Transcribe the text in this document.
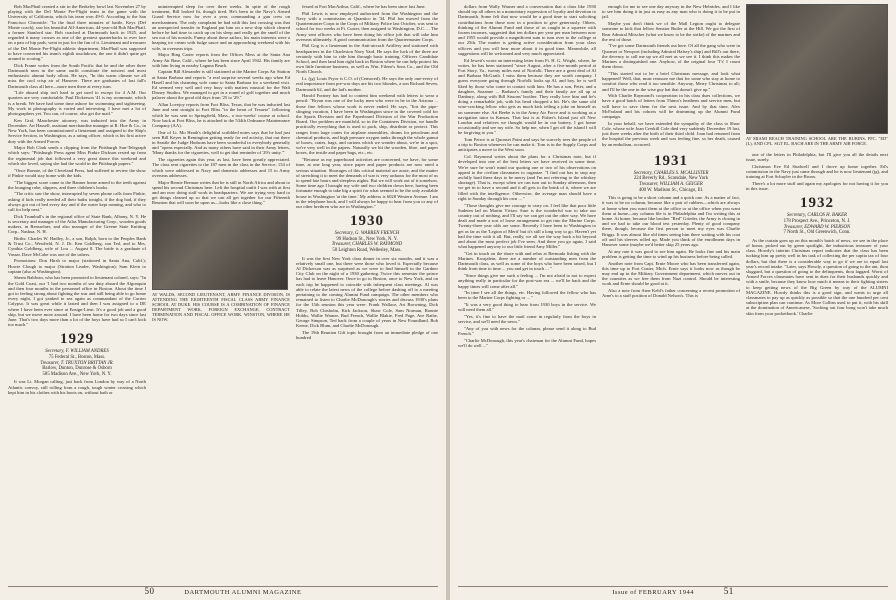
Bob MacPhail created a stir in the Berkeley bowl last November 27 by playing with the Del Monte Pre-Flight team in the game with the University of California, which his team won 49-0. According to the San Francisco Chronicle: "In the final three minutes of battle, Keys (Del Monte coach), saw his beautiful All-American, 44-year-old Bob MacPhail, a former Stanford star. Bob coached at Dartmouth back in 1925, and regarded it many crosses as one of the greatest quarterbacks to ever lace on a pair of hip pads, went in just for the fun of it. Lieutenant and treasurer of the Del Monte Pre-Flight athletic department, MacPhail was supposed to have converted his team's eighth touchdown, the one it didn't quite get around to scoring."

Dick Frame writes from the South Pacific that he and the other three Dartmouth men in the same outfit constitute the noisiest and most enthusiastic alumni body afloat. He says, "In this warm climate we all miss the cool crisp air of Hanover. There are graduates of last fall's Dartmouth class all here—more men there at every turn.

"Life aboard ship isn't hard to get used to except for 4 A.M. Our quarters are very comfortable. Paul Dickerson '41 is my roommate, which is a break. We have had some time ashore for swimming and sightseeing. My work in photography is varied and interesting. I have met a lot of photographers yet. You can, of course, also get the mail."

Ken Graf, Manchester attorney, was inducted into the Army in December. Art Hassell, assistant merchandise manager at R. Hoe & Co., in New York, has been commissioned a lieutenant and assigned to the Ship's Service Section, in Washington, as a rating officer, which is his first active duty with the Armed Forces.

Major Bob Clark sends a clipping from the Pittsburgh Sun-Telegraph which says: "Pittsburgh Press agent Miss Pinkie Dickson rested up from the regimental job that followed a very great dance this weekend and which she loved, saying she had the world in the Pittsburgh papers."

"Once Ronnie, of the Cleveland Press, had suffered to review the show if Pinkie would stay home with the kids.

"The biggest scare came to the Banner home armed to the teeth against the lounging robe, slippers, and three children's books.

"The critic saw the show, interrupted by seven phone calls from Pinkie, asking if kids really needed all their baths tonight, if the dog had, if they always got out of bed every day and if the water kept running, and who to call for help next."

Dick Trumbull's in the regional office of State Bank, Albany, N. Y. He is secretary and manager of the Atlas Manufacturing Corp., wooden goods makers, in Rensselaer, and also manager of the Greene State Knitting Corp., Nashua, N. H.

Births: Charles W. Hadley, Jr., a son, Ralph, born to the Peoples Bank & Trust Co., Westfield, N. J. Dr. Ken Goldberg, son Ted, and to Mrs. Cynthia Goldberg, wife of Lou ... August 8. The bride is a graduate of Vassar. Dave McCabe was one of the ushers.

Promotions: Don Hirsh to major (stationed in Santa Ana, Calif.); Howie Clough to major (Stratton Leader, Washington); Sam Klein to captain (also at Washington).

Sherm Baldwin, who has been promoted to lieutenant colonel, says: "In the Gold Coast, our '1 had two months of sea duty aboard the Algonquin and then four months in the personnel office in Boston. About the time I got to feeling strong about fighting the war and still being able to go home every night, I got yanked to sea again as commandant of the Carrier Calypso. It was great while it lasted and then I was assigned to a DE where I have been ever since at Ensign-Lieut. It's a good job and a good ship, but we move more around. I have been home for two days since last June. That's two days more than a lot of the boys have had so I can't kick too much."

1929
Secretary, F. WILLIAM ANDRES
75 Federal St., Boston, Mass.
Treasurer, T. TRUXTON BRITTAN JR.
Barlow, Dunton, Dunrose & Osborn
585 Madison Ave., New York, N. Y.

It was Lt. Morgan calling, just back from London by way of a North Atlantic convoy, still rolling from a rough, tough winter crossing which kept him in his clothes with his boots on, without bath or

uninterrupted sleep for over three weeks. In spite of the rough treatment, Bill looked fit, though tired. He's been in the Navy's Armed Guard Service now for over a year, commanding a gun crew on merchantmen. The only complaint he had with this last crossing was that an unexpected transfer in England put him on a new ship which cleared before he had time to catch up on his sleep and really get the smell of the sea out of his nostrils. Funny about these sailors, his main interests were a heaping ice cream with fudge sauce and an approaching weekend with his wife, in overseas trips.

Major Bing Carter reports from the Offices Mess at the Santa Ana Army Air Base, Calif., where he has been since April 1942. His family are with him living in nearby Laguna Beach.

Captain Bill Alexander is still stationed at the Marine Corps Air Station at Santa Barbara and reports "a real surprise several weeks ago when Ed Hasell and his charming wife came to Santa Barbara for a weekend visit. Ed seemed very well and very busy with matters musical for the Walt Disney Studios. We managed to get in a round of golf together and much palaver about the good old days from '25 to '29."

Allan Lovejoy reports from Fort Bliss, Texas, that he was inducted last June and sent straight to Fort Bliss "in the heart of Texarse" following which he was sent to Springfield, Mass., a two-weeks' course at school. Now back at Fort Bliss, he is attached to the 534th Ordnance Maintenance Company (AA).

One of Lt. Mo Heath's delightful scribbled notes says that he had just seen Bill Keyes in Remington getting ready for red activity, that out there in Seattle the Judge Hodsons have been wonderful to everybody generally and "opens especially. And as many others have said in their Army letters, 'Many thanks for the cigarettes, well to get that reminder of '29's unity.'"

The cigarettes again this year, as last, have been greatly appreciated. The class sent cigarettes to the 187 men in the class in the Service, 154 of which were addressed to Navy and domestic addresses and 15 to Army overseas addresses.

Major Bernie Berman writes that he is still in North Africa and about to spend his second Christmas here. Left the hospital outfit I was with at first and am now doing staff work in headquarters. We are trying very hard to get things cleaned up so that we can all get together for our Fifteenth Reunion that will soon be upon us—looks like a close thing."

AT WALDS, SECOND LIEUTENANT, ARMY FINANCE DIVISION, IS ATTENDING THE EIGHTEENTH FISCAL CLASS ARMY FINANCE SCHOOL AT DUKE. HIS COURSE IS A COMBINATION OF FINANCE DEPARTMENT WORK, FOREIGN EXCHANGE, CONTRACT TERMINATION AND FISCAL OFFICE WORK. WINSTON, WHERE HE IS NOW.

fessed at Fort MacArthur, Calif., where he has been since last June.

Phil Lewis is now employed authorized from the Washington and the Navy with a commission at Quantico in '34. Phil has moved from the Quartermaster Corps to the Corps of Military Police last October, was sent to school for two weeks at Ft. Custer, then assigned to Washington, D.C. ... The Army sent officers who have been doing his office job that will take him overseas ultimately. A good communication from the Quartermaster Corps.

Phil Gog is a lieutenant in the Anti-aircraft Artillery and stationed with headquarters in the Charleston Navy Yard. He says the luck of the three are certainly with him to ride him through basic training, Officers Candidate School, and then land him right back in Boston where he can help protect his own little furniture business, as well as Wm. Filene's Sons Co., and the Old North Church.

Lt. (jg) Louis Pryor is C.O. of (Censored). He says the only one-every of real importance from pre-war days are his two blondes, a son Richard Seven, Dartmouth 62, and the lad's mother.

Harold Fortney has had to content him weekend with letters to wear a pencil: "Bryan was one of the lucky men who were in he in the Arizona ... those fine fellows whose work is never ended. He says, 'Tort the pipe-slinging vacation, I have been in Washington since in the covered cold for the Sports Division and the Paperboard Division of the War Production Board. Our problem are manifold, so in the Containers Division, we handle practically everything that is used to pack, ship, distribute or protect. This ranges from large crates for airplane assemblies, drums for petroleum and chemical products, and high pressure oxygen tanks through the whole gamut of boxes, crates, bags, and cartons which we wonder about, we're in a spot, we're very well in the papers. Naturally we hit the wooden, fibre, and paper boxes, the textile and paper bags, etc., etc.

"Because as my paperboard activities are concerned, we have, for some time, at one long year, since paper and paper products are now rated a serious situation. Shortages of this critical material are acute, and the matter of stretching it to meet the demands of war is very arduous for the most of us to spend late hours and sleepless nights. But we will work out of it somehow. Some time ago I brought my wife and two children down here, having been fortunate enough to take big a spirit for what seemed to be the only available house in Washington 'at the time.' My address is 6028 Western Avenue. I am in the telephone book, and I will always be happy to hear from you or any of our other brethren who are in Washington."

1930
Secretary, G. WARREN FRENCH
99 Hudson St., New York, N. Y.
Treasurer, CHARLES W. RAYMOND
50 Leighton Road, Wellesley, Mass.

It was the first New York class dinner in over six months, and it was a relatively small one, but there were those who loved it. Especially because Al Dickerson was as surprised as we were to find himself in the Gardner City Club on the night of a 1930 gathering. Twice this semester the prince has had to leave Hanover. Once to go to Boston, once to New York, and on each trip he happened to coincide with infrequent class meetings. Al was able to relate the latest news of the college before dashing off to a meeting pertaining to the coming Alumni Fund campaign. The other members who remained to listen to Charlie McDonough's stories and discuss 1930's plans for the 15th reunion this year were: Frank Wallace, Art Browning, Dick Tilley, Bob Chisholm, Kirk Jackson, Shaw Cole, Sam Norman, Ronnie Hobbs, Wallie Warner, Bud French, Wallie Blakie, Fred Page, Ave Rathe, George Simpson, Ted back from a couple of years in New Foundland, Bob Keene, Dick Blum, and Charlie McDonough.

The 19th Reunion Gift topic brought from an immediate pledge of one hundred

50	DARTMOUTH ALUMNI MAGAZINE

dollars from Wally Wasner and a conversation that a class like 1930 should top all others in a momentary expression of loyalty and devotion to Dartmouth. Some felt that now would be a good time to start soliciting contributions from those now in a position to give generously. Others, thinking of the Alumni Fund and those of us caught in a squeeze with frozen incomes, suggested that ten dollars per year per man between now and 1955 would provide a magnificent sum to turn over to the college at our 25th. The matter is getting active consideration from your class officers and you will hear more about it in good time. Meanwhile, all suggestions will be welcomed and very much appreciated.

Ed Jewett's wrote an interesting letter from Ft. H. G. Wright, where, he writes, he has been stationed "since August, after a five-month period at Fort Story, Va., twenty miles east of Norfolk. There are a great deal of Al and Barbara McGrath. I miss them because they are worth company. I guess everyone going through Norfolk looks up Al, and boy, he is well liked by those who come in contact with him. He has a son, Peter, and a daughter, Suzanne ... Barbara's family and their family are all up at Danbury, along with Bill Sissons' brother. They really love him and he's doing a remarkable job, with his head chopped a bit. He's the same old wise-cracking fellow who gets as much kick telling a joke on himself as on someone else. Art Beebe is in the Army Air Force and is working as a navigation tutor in Kansas. That last is at Fisher's Island just off New London and relatives we thought would be in our battery. I got home occasionally and see my wife. So help me, when I get off the island I will be forgiving to you."

Tom Peirce is at Quonset Point and says he scarcely sees the people of a trip to Boston whenever he can make it. Tom is in the Supply Corps and anticipates a move to the West soon.

Col. Raymond writes about the plans for a Christmas note, but if developed into one of the best letters we have received in some time. We're sure he won't mind our quoting one or two of his observations on appeal to the civilian classmates to organize. "I find out has to stop any awfully hard these days to be merry (and I'm not referring to the whiskey shortage). That is, except when we can turn out to Sunday afternoon, then we get in to have a second and it all gets to the brink of it, where we are filled with the intelligence. Otherwise, the average man should have a right to Sunday through his own ... "

"Those thoughts give me courage to carry on. I feel like that poor little Sudeten lad on Martin Vivian. Sure is the wonderful war to take our country out of nothing, and I'll say we can get out the other way. We have dealt and made a sort of loose arrangement to get into the Marine Corps. Twenty-three year olds are some. Recently I have been to Washington to get as far as the 'Legion of Merit' but it's still a long way to go. Haven't yet had the time with it all. But, really, we all see the way back a bit beyond and about the most perfect job I've seen. And there you go again, I said what happened anyway to our little friend Amy Miller."

"Get in touch on the shore with and relax at Bermuda fishing with the Marines. Kwajalein, there are a number of outstanding men from the Dartmouth class, as well as some of the boys who have been raised, but I think from time to time ... you and get in touch ... "

"Since things give me such a feeling ... I'm not afraid to not to expect anything really in particular for the post-war era ... we'll be back and the happy times will come after all."

"In time I see all the things, etc. Having followed the fellow who has been to the Marine Corps fighting or ... "

"It was a very good thing to hear from 1930 boys in the service. We will need them all."

"Yes, it's fine to have the mail come in regularly from the boys in service, and we'll need the news."

"Any of you with news for the column, please send it along to Bud French."

"Charlie McDonough, this year's chairman for the Alumni Fund, hopes we'll do well ..."

enough for me to see one day anyway in the New Hebrides, and I like to see him doing it in just as easy as any man who is doing it to be put in jail.

Maybe you don't think we of the Mall Legion ought to delegate someone to kick that fellow Senator Butler at the Hill. We got the first of Rear Admiral Mitscher (what we know to be the strike) of the marines and the rest of those.

"I've got some Dartmouth friends out here. Of all the gang who were in Quonset or Newport (including Admiral Halsey's ship) and Bill's out there, the decency to call me up we all met as we see it. I think this makes the Marines a distinguished one. Anyhow, of the original four 'T's' I count them down.

"This started out to be a brief Christmas message, and look what happened! Well, that, must reassure me that for some who stay at home to comfort those who read it too sensible. Anyway, Merry Christmas to all; and I'll be the one in the wise guy hat that doesn't give up."

With Charlie Raymond's cooperation in his class dues collections, we have a good batch of letters from Thimo's heathens and service men, but will have to save them for the next issue. And by that time, Alex McFarland and his cohorts will be drumming up the Alumni Fund campaign.

In your behalf, we have extended the sympathy of the class to Shaw Cole, whose wife Joan Creskill Cole died very suddenly December 19 last, just three weeks after the birth of their third child. Joan had returned from the hospital the previous week and was feeling fine, so her death, caused by an embolism, occurred.

1931
Secretary, CHARLES S. MCALLISTER
224 Beverly Rd., Scarsdale, New York
Treasurer, WILLIAM A. GEIGER
400 W. Madison St., Chicago, Ill.

This is going to be a short column and a quick one. As a matter of fact, it was to be no column, because like a pair of rubbers—which are always at home when you want them at the office or at the office when you want them at home—my column file is in Philadelphia and I'm writing this at home. At home, because like brother "Red" Grieder, the Army is closing in and we had to take our blood test yesterday. Plenty of good company there, though, because the first person to meet my eyes was Charlie Briggs. It was almost like old times seeing him there waiting with his coat off and his sleeves rolled up. Made you think of the enrollment days in Hanover some (maybe we'd better skip 25 years ago.

At any rate it was good to see him again. He looks fine and his main problem is getting the time to wind up his business before being called.

Another note from Capt. Ernie Moore who has been transferred again, this time up to Fort Custer, Mich. Ernie says it looks now as though he may end up in the Military Government department, which moves out in the countries as we free them from Nazi control. Should be interesting work and Ernie should be good at it.

Also a note from Arne Kehl's father concerning a recent promotion of Arne's to a staff position of Donald Nelson's. This is

AT MIAMI BEACH TRAINING SCHOOL ARE THE RUBINS, PFC. "ED" (L), AND CPL. SGT EL. BACH ARE IN THE ARMY AIR FORCE.

one of the letters in Philadelphia, but I'll give you all the details next issue, surely.

Christmas Eve Ed Studwell and I drove up home together. Ed's commission in the Navy just came through and he is now lieutenant (jg), and training at Fort Schuyler in the Bronx.

There's a lot more stuff and again my apologies for not having it for you in this issue.

1932
Secretary, CARLOS H. BAKER
178 Prospect Ave., Princeton, N. J.
Treasurer, EDWARD W. PIERSON
7 North St., Old Greenwich, Conn.

As the curtain goes up on this month's batch of news, we see in the place of honor, picked out by green spotlight, the industrious treasurer of your class. Howdy's interim Christmas report indicates that the class has been tucking him up pretty well in his task of collecting the per capita tax of four dollars, but that there is a considerable way to go if we are to equal last year's record intake. "Later, says Howdy, a question of going to the ant, thou sluggard, but a question of going to the delinquents, thou laggard. Worst of Armed Forces classmates have sent in dues for their husbands quickly and with a smile, because they know how much it means to their fighting sisters to keep getting news of the Big Green by way of the ALUMNI MAGAZINE. Howdy thinks this is a good sign, and wants to urge all classmates to pay up as quickly as possible so that the one hundred per cent subscription plan can continue. As More Collins used to put it, with his skill at the domination of Americanese, 'Socking out four bong won't take much skin from your pocketbook.' Charlie

Issue of FEBRUARY 1944	51
